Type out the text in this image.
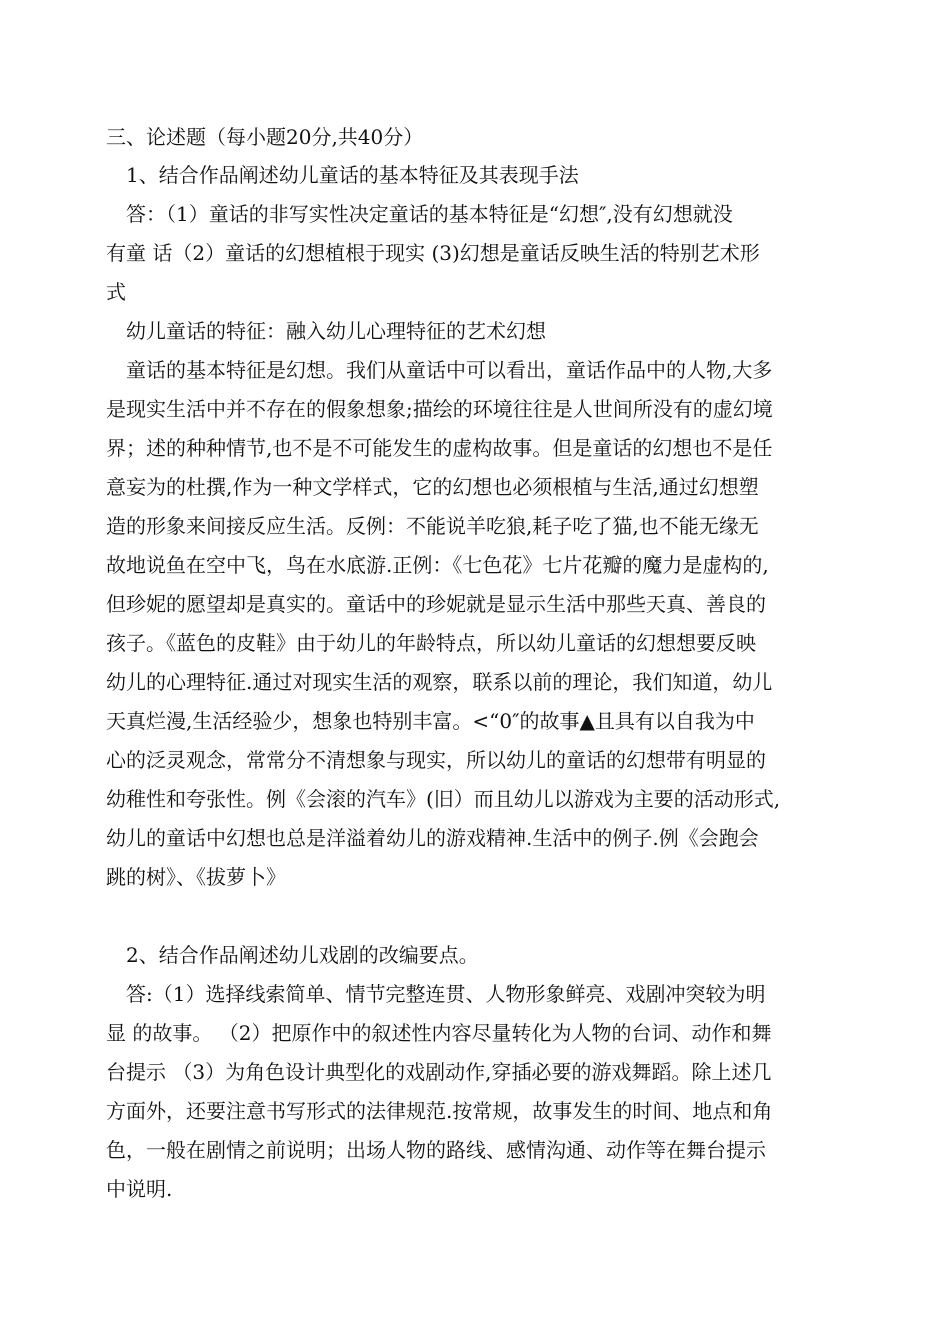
三、论述题（每小题20分,共40分）
1、结合作品阐述幼儿童话的基本特征及其表现手法
答：（1）童话的非写实性决定童话的基本特征是“幻想″,没有幻想就没
有童 话（2）童话的幻想植根于现实 (3)幻想是童话反映生活的特别艺术形
式
幼儿童话的特征：融入幼儿心理特征的艺术幻想
童话的基本特征是幻想。我们从童话中可以看出，童话作品中的人物,大多
是现实生活中并不存在的假象想象;描绘的环境往往是人世间所没有的虚幻境
界；述的种种情节,也不是不可能发生的虚构故事。但是童话的幻想也不是任
意妄为的杜撰,作为一种文学样式，它的幻想也必须根植与生活,通过幻想塑
造的形象来间接反应生活。反例：不能说羊吃狼,耗子吃了猫,也不能无缘无
故地说鱼在空中飞，鸟在水底游.正例：《七色花》七片花瓣的魔力是虚构的,
但珍妮的愿望却是真实的。童话中的珍妮就是显示生活中那些天真、善良的
孩子。《蓝色的皮鞋》由于幼儿的年龄特点，所以幼儿童话的幻想想要反映
幼儿的心理特征.通过对现实生活的观察，联系以前的理论，我们知道，幼儿
天真烂漫,生活经验少，想象也特别丰富。<“0″的故事▲且具有以自我为中
心的泛灵观念，常常分不清想象与现实，所以幼儿的童话的幻想带有明显的
幼稚性和夸张性。例《会滚的汽车》(旧）而且幼儿以游戏为主要的活动形式,
幼儿的童话中幻想也总是洋溢着幼儿的游戏精神.生活中的例子.例《会跑会
跳的树》、《拔萝卜》
2、结合作品阐述幼儿戏剧的改编要点。
答:（1）选择线索简单、情节完整连贯、人物形象鲜亮、戏剧冲突较为明
显 的故事。 （2）把原作中的叙述性内容尽量转化为人物的台词、动作和舞
台提示 （3）为角色设计典型化的戏剧动作,穿插必要的游戏舞蹈。除上述几
方面外，还要注意书写形式的法律规范.按常规，故事发生的时间、地点和角
色，一般在剧情之前说明；出场人物的路线、感情沟通、动作等在舞台提示
中说明.
